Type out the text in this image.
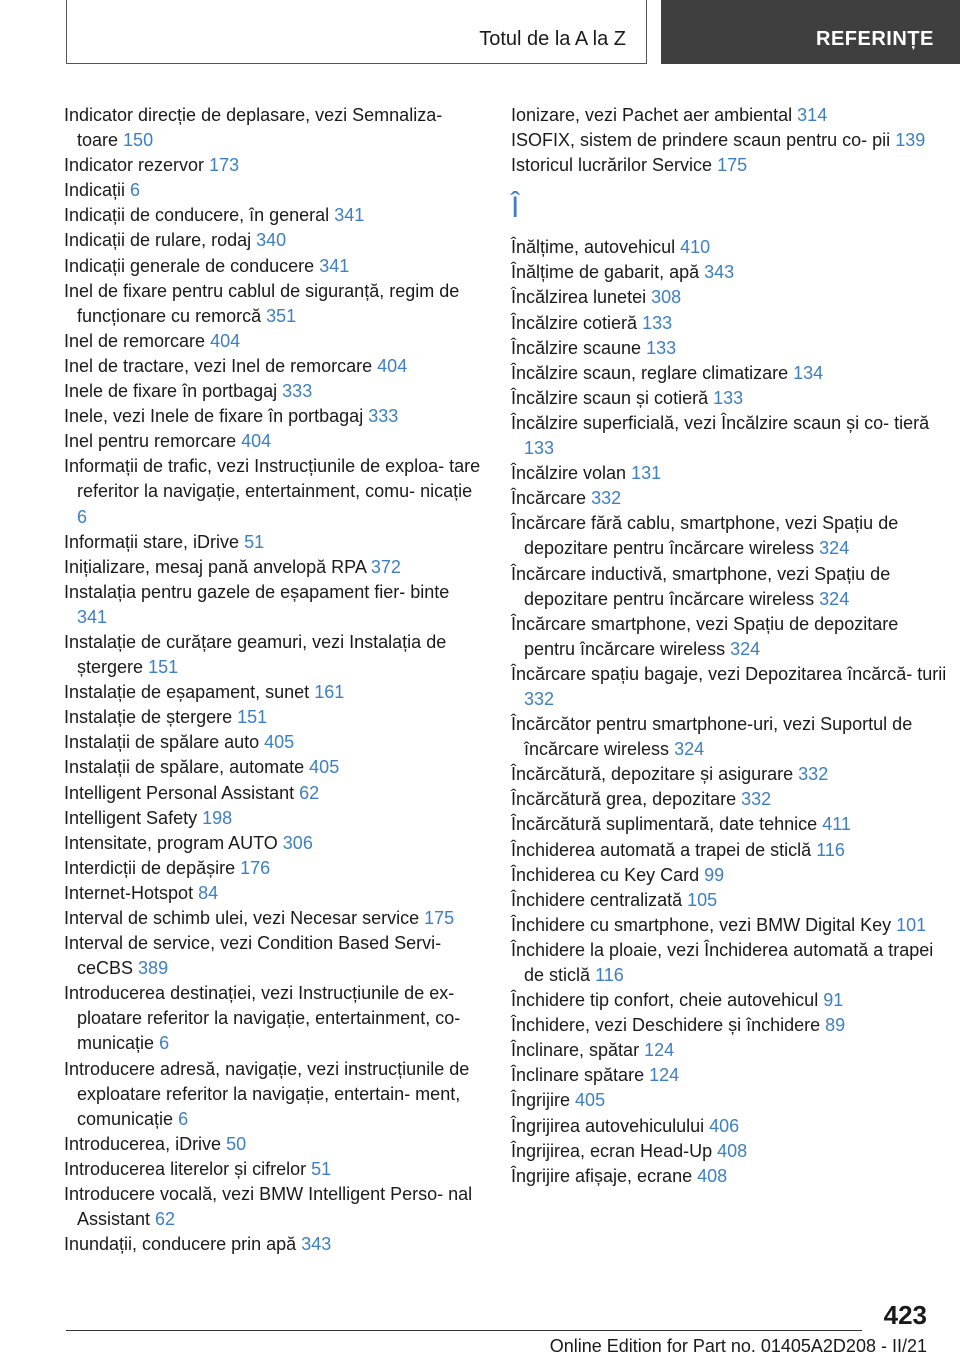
Totul de la A la Z	REFERINȚE

Indicator direcție de deplasare, vezi Semnaliza‐ toare 150

Indicator rezervor 173

Indicații 6

Indicații de conducere, în general 341

Indicații de rulare, rodaj 340

Indicații generale de conducere 341

Inel de fixare pentru cablul de siguranță, regim de funcționare cu remorcă 351

Inel de remorcare 404

Inel de tractare, vezi Inel de remorcare 404

Inele de fixare în portbagaj 333

Inele, vezi Inele de fixare în portbagaj 333

Inel pentru remorcare 404

Informații de trafic, vezi Instrucțiunile de exploa‐ tare referitor la navigație, entertainment, comu‐ nicație 6

Informații stare, iDrive 51

Inițializare, mesaj pană anvelopă RPA 372

Instalația pentru gazele de eșapament fier‐ binte 341

Instalație de curățare geamuri, vezi Instalația de ștergere 151

Instalație de eșapament, sunet 161

Instalație de ștergere 151

Instalații de spălare auto 405

Instalații de spălare, automate 405

Intelligent Personal Assistant 62

Intelligent Safety 198

Intensitate, program AUTO 306

Interdicții de depășire 176

Internet-Hotspot 84

Interval de schimb ulei, vezi Necesar service 175

Interval de service, vezi Condition Based Servi‐ ceCBS 389

Introducerea destinației, vezi Instrucțiunile de ex‐ ploatare referitor la navigație, entertainment, co‐ municație 6

Introducere adresă, navigație, vezi instrucțiunile de exploatare referitor la navigație, entertain‐ ment, comunicație 6

Introducerea, iDrive 50

Introducerea literelor și cifrelor 51

Introducere vocală, vezi BMW Intelligent Perso‐ nal Assistant 62

Inundații, conducere prin apă 343

Ionizare, vezi Pachet aer ambiental 314

ISOFIX, sistem de prindere scaun pentru co‐ pii 139

Istoricul lucrărilor Service 175

Î

Înălțime, autovehicul 410

Înălțime de gabarit, apă 343

Încălzirea lunetei 308

Încălzire cotieră 133

Încălzire scaune 133

Încălzire scaun, reglare climatizare 134

Încălzire scaun și cotieră 133

Încălzire superficială, vezi Încălzire scaun și co‐ tieră 133

Încălzire volan 131

Încărcare 332

Încărcare fără cablu, smartphone, vezi Spațiu de depozitare pentru încărcare wireless 324

Încărcare inductivă, smartphone, vezi Spațiu de depozitare pentru încărcare wireless 324

Încărcare smartphone, vezi Spațiu de depozitare pentru încărcare wireless 324

Încărcare spațiu bagaje, vezi Depozitarea încărcă‐ turii 332

Încărcător pentru smartphone-uri, vezi Suportul de încărcare wireless 324

Încărcătură, depozitare și asigurare 332

Încărcătură grea, depozitare 332

Încărcătură suplimentară, date tehnice 411

Închiderea automată a trapei de sticlă 116

Închiderea cu Key Card 99

Închidere centralizată 105

Închidere cu smartphone, vezi BMW Digital Key 101

Închidere la ploaie, vezi Închiderea automată a trapei de sticlă 116

Închidere tip confort, cheie autovehicul 91

Închidere, vezi Deschidere și închidere 89

Înclinare, spătar 124

Înclinare spătare 124

Îngrijire 405

Îngrijirea autovehiculului 406

Îngrijirea, ecran Head-Up 408

Îngrijire afișaje, ecrane 408

423
Online Edition for Part no. 01405A2D208 - II/21
